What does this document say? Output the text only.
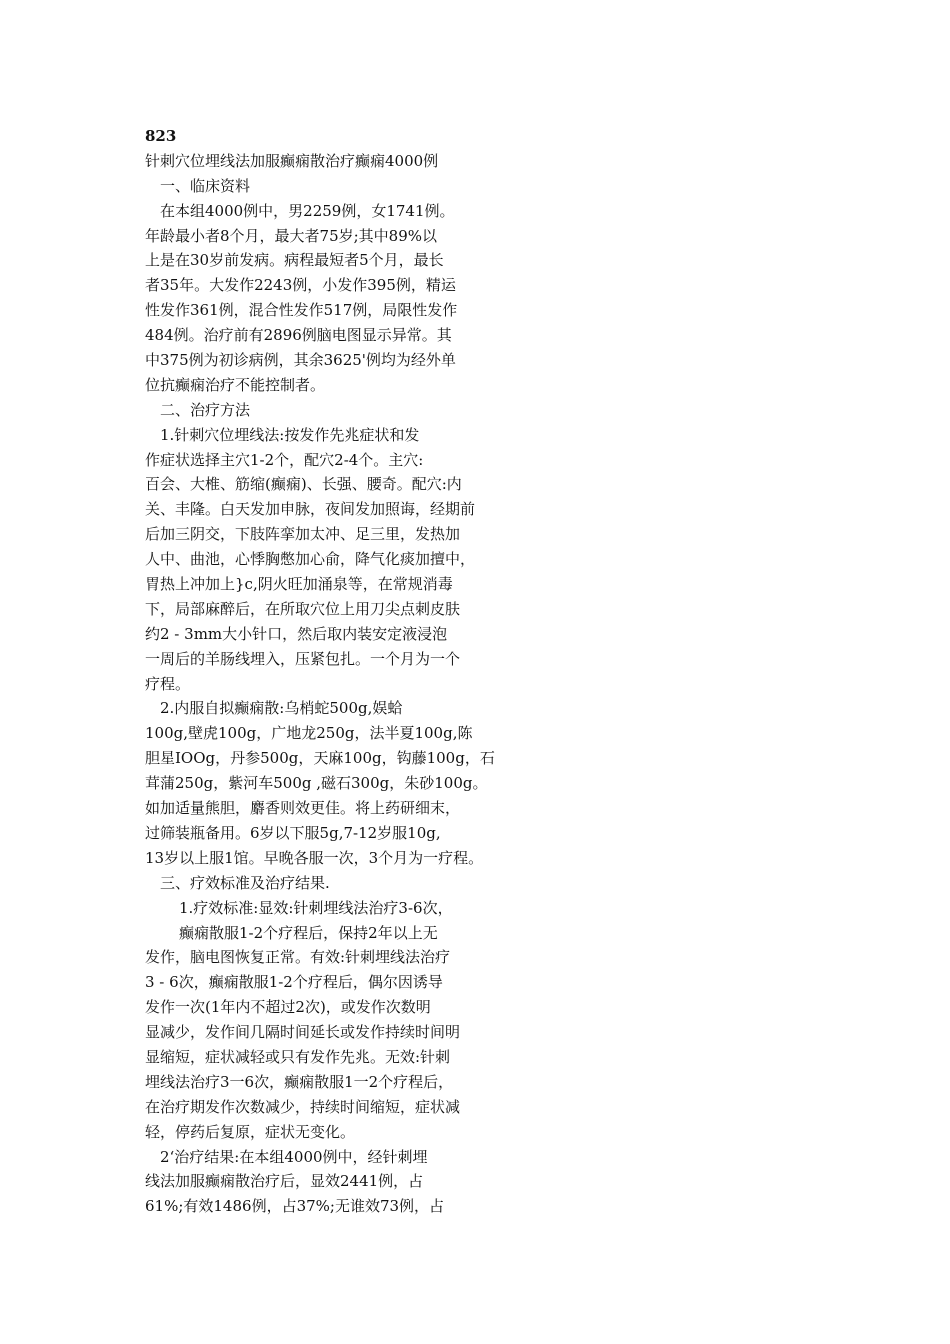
823
针刺穴位埋线法加服癫痫散治疗癫痫4000例
一、临床资料
在本组4000例中，男2259例，女1741例。
年龄最小者8个月，最大者75岁;其中89%以
上是在30岁前发病。病程最短者5个月，最长
者35年。大发作2243例，小发作395例，精运
性发作361例，混合性发作517例，局限性发作
484例。治疗前有2896例脑电图显示异常。其
中375例为初诊病例，其余3625'例均为经外单
位抗癫痫治疗不能控制者。
二、治疗方法
1.针刺穴位埋线法:按发作先兆症状和发
作症状选择主穴1-2个，配穴2-4个。主穴:
百会、大椎、筋缩(癫痫)、长强、腰奇。配穴:内
关、丰隆。白天发加申脉，夜间发加照诲，经期前
后加三阴交，下肢阵挛加太冲、足三里，发热加
人中、曲池，心悸胸憋加心俞，降气化痰加擅中，
胃热上冲加上}c,阴火旺加涌泉等，在常规消毒
下，局部麻醉后，在所取穴位上用刀尖点刺皮肤
约2 - 3mm大小针口，然后取内装安定液浸泡
一周后的羊肠线埋入，压紧包扎。一个月为一个
疗程。
2.内服自拟癫痫散:乌梢蛇500g,娱蛤
100g,壁虎100g，广地龙250g，法半夏100g,陈
胆星IOOg，丹参500g，天麻100g，钩藤100g，石
茸蒲250g，紫河车500g ,磁石300g，朱砂100g。
如加适量熊胆，麝香则效更佳。将上药研细末，
过筛装瓶备用。6岁以下服5g,7-12岁服10g,
13岁以上服1馆。早晚各服一次，3个月为一疗程。
三、疗效标准及治疗结果.
1.疗效标准:显效:针刺埋线法治疗3-6次，
癫痫散服1-2个疗程后，保持2年以上无
发作，脑电图恢复正常。有效:针刺埋线法治疗
3 - 6次，癫痫散服1-2个疗程后，偶尔因诱导
发作一次(1年内不超过2次)，或发作次数明
显减少，发作间几隔时间延长或发作持续时间明
显缩短，症状减轻或只有发作先兆。无效:针刺
埋线法治疗3一6次，癫痫散服1一2个疗程后，
在治疗期发作次数减少，持续时间缩短，症状减
轻，停药后复原，症状无变化。
2‘治疗结果:在本组4000例中，经针刺埋
线法加服癫痫散治疗后，显效2441例，占
61%;有效1486例，占37%;无谁效73例，占
